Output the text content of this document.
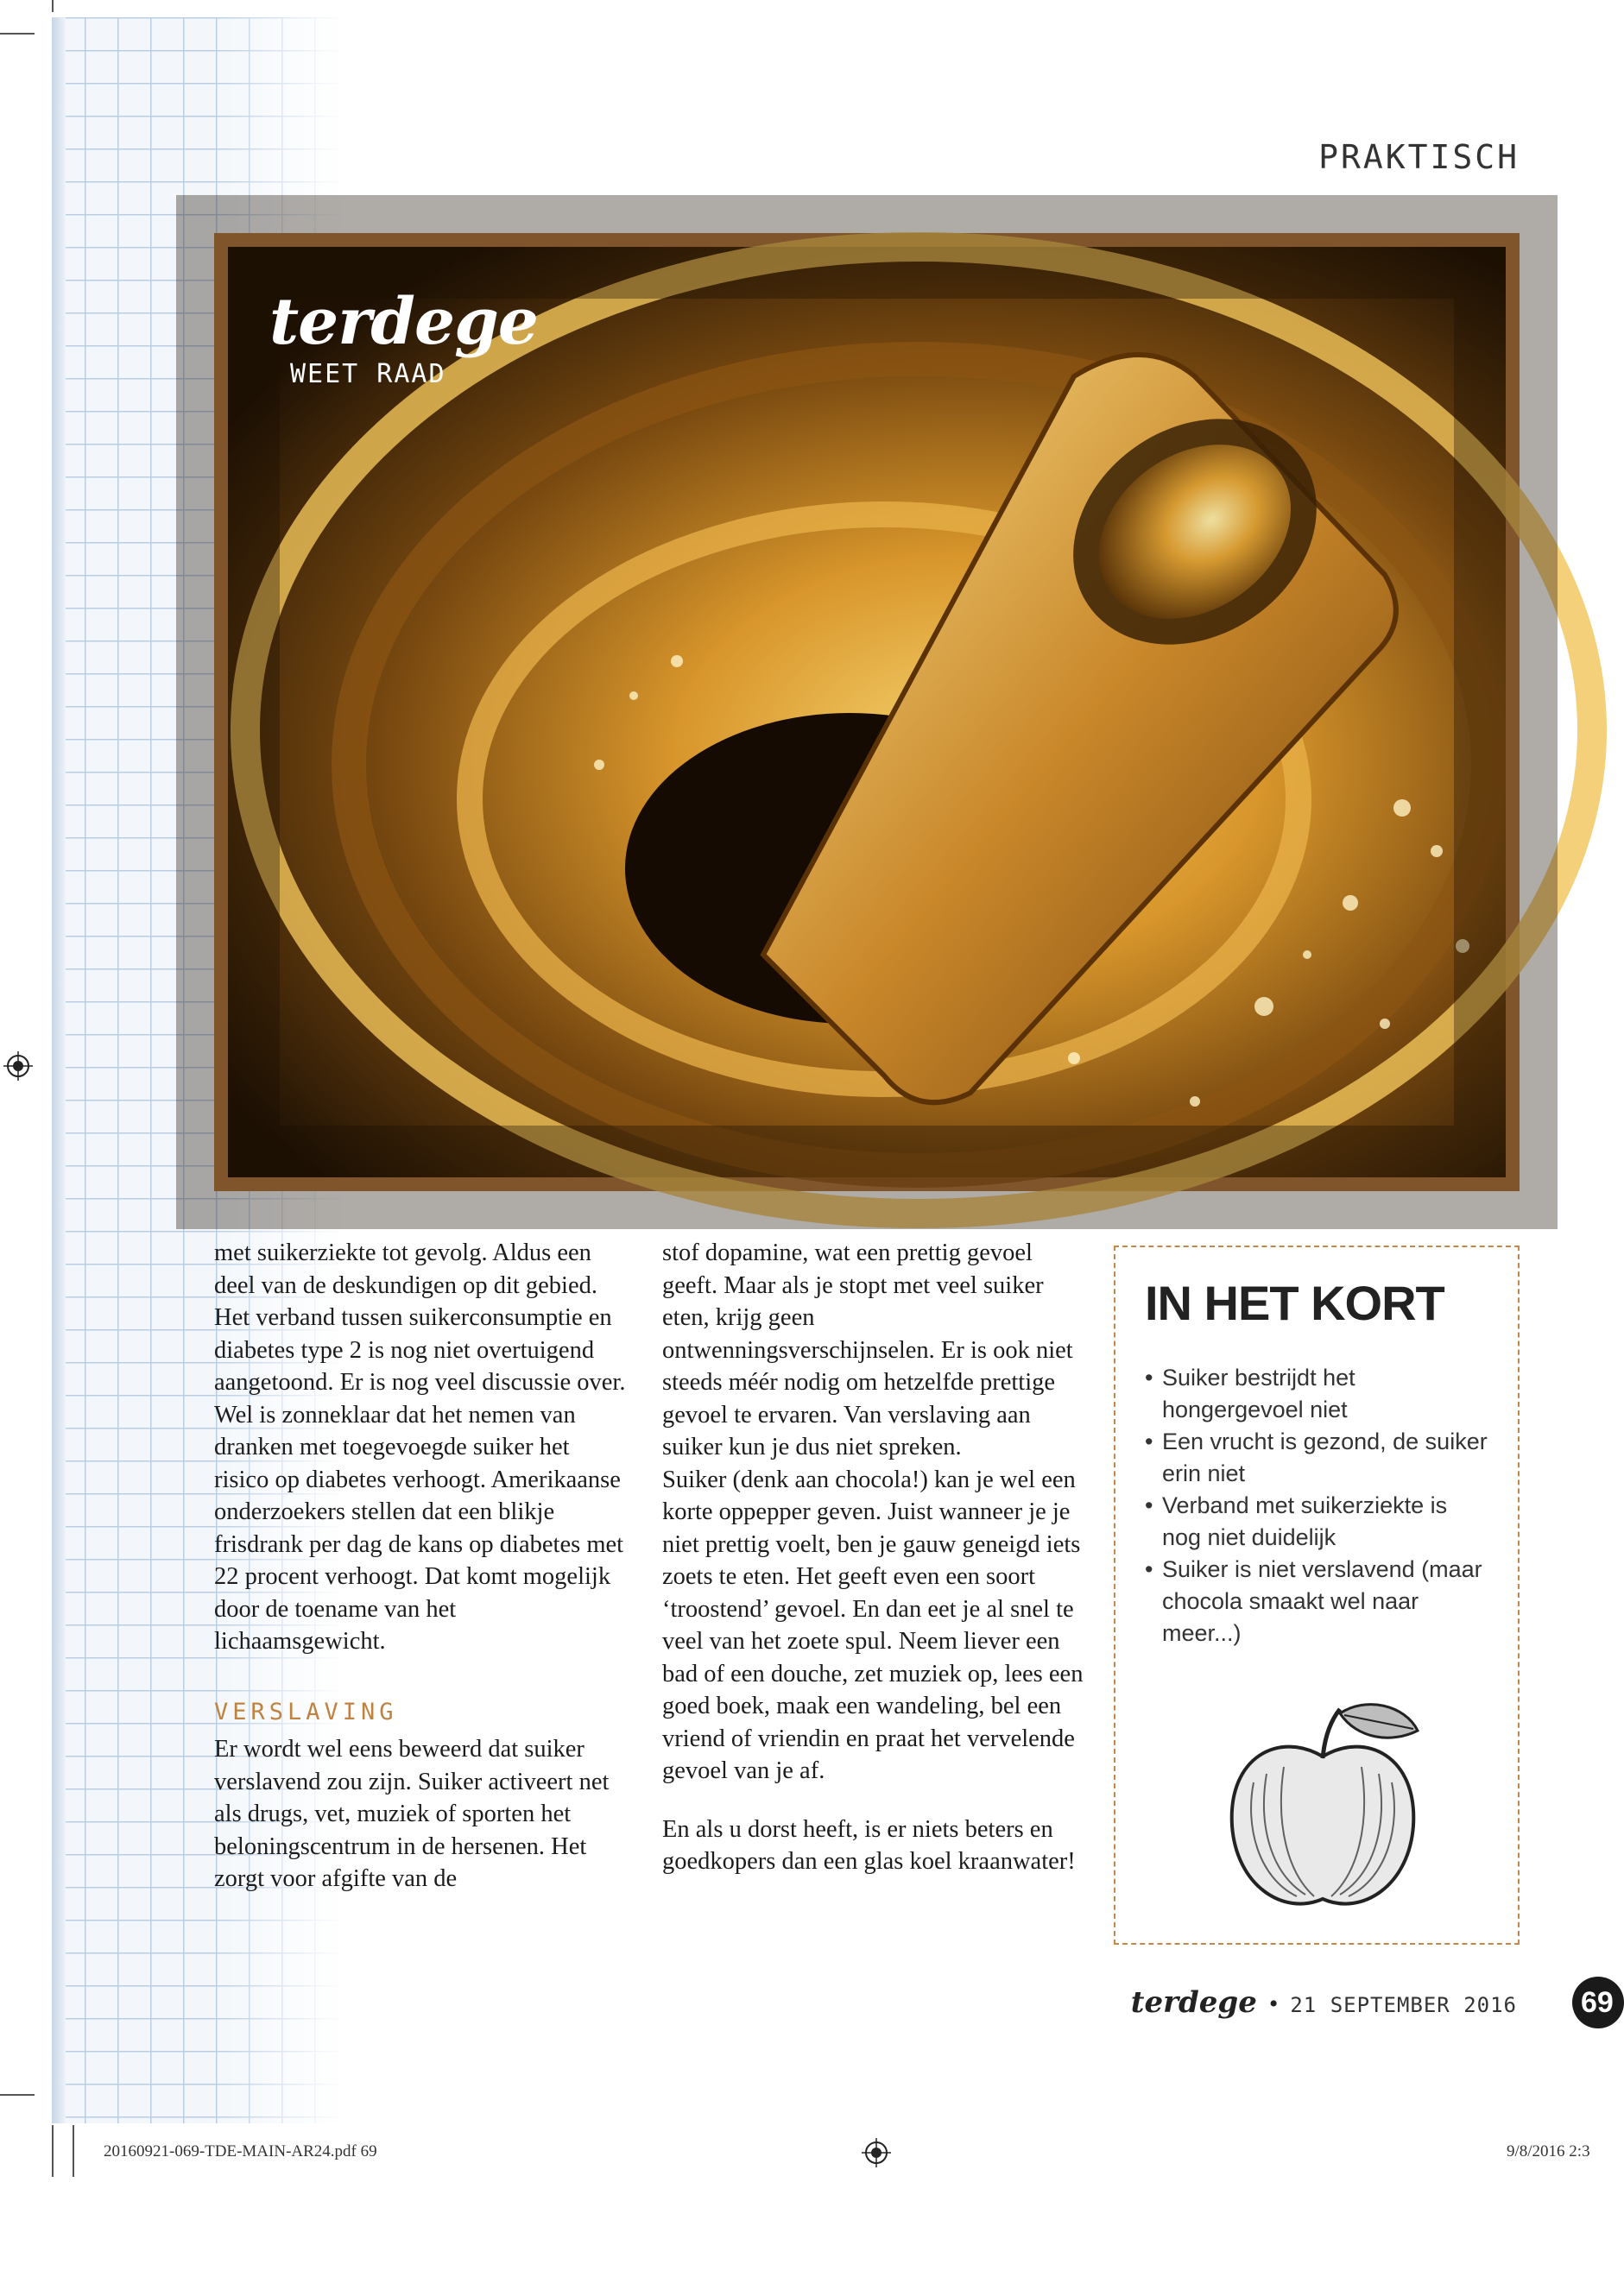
PRAKTISCH
terdege
WEET RAAD

met suikerziekte tot gevolg. Aldus een deel van de deskundigen op dit gebied.

Het verband tussen suikerconsumptie en diabetes type 2 is nog niet overtuigend aangetoond. Er is nog veel discussie over. Wel is zonneklaar dat het nemen van dranken met toegevoegde suiker het risico op diabetes verhoogt. Amerikaanse onderzoekers stellen dat een blikje frisdrank per dag de kans op diabetes met 22 procent verhoogt. Dat komt mogelijk door de toename van het lichaamsgewicht.

VERSLAVING

Er wordt wel eens beweerd dat suiker verslavend zou zijn. Suiker activeert net als drugs, vet, muziek of sporten het beloningscentrum in de hersenen. Het zorgt voor afgifte van de

stof dopamine, wat een prettig gevoel geeft. Maar als je stopt met veel suiker eten, krijg geen ontwenningsverschijnselen. Er is ook niet steeds méér nodig om hetzelfde prettige gevoel te ervaren. Van verslaving aan suiker kun je dus niet spreken.

Suiker (denk aan chocola!) kan je wel een korte oppepper geven. Juist wanneer je je niet prettig voelt, ben je gauw geneigd iets zoets te eten. Het geeft even een soort ‘troostend’ gevoel. En dan eet je al snel te veel van het zoete spul. Neem liever een bad of een douche, zet muziek op, lees een goed boek, maak een wandeling, bel een vriend of vriendin en praat het vervelende gevoel van je af.

En als u dorst heeft, is er niets beters en goedkopers dan een glas koel kraanwater!

IN HET KORT
• Suiker bestrijdt het hongergevoel niet
• Een vrucht is gezond, de suiker erin niet
• Verband met suikerziekte is nog niet duidelijk
• Suiker is niet verslavend (maar chocola smaakt wel naar meer...)
terdege • 21 SEPTEMBER 2016 69
20160921-069-TDE-MAIN-AR24.pdf 69	9/8/2016 2:3
